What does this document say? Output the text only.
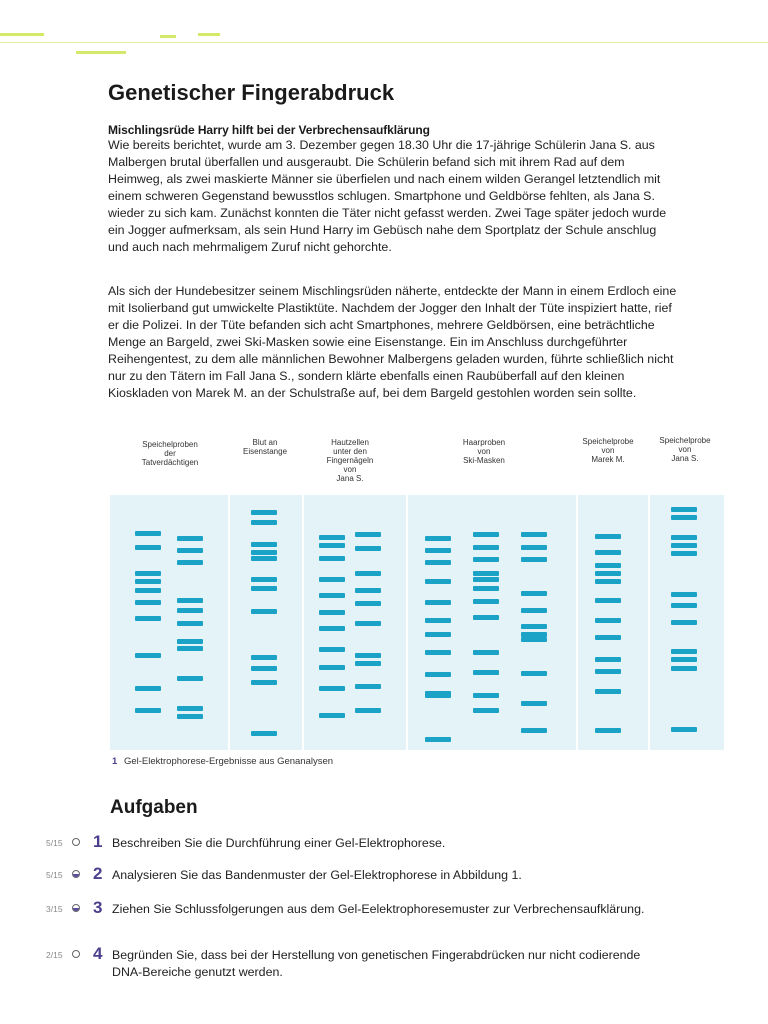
Genetischer Fingerabdruck
Mischlingsrüde Harry hilft bei der Verbrechensaufklärung

Wie bereits berichtet, wurde am 3. Dezember gegen 18.30 Uhr die 17-jährige Schülerin Jana S. aus Malbergen brutal überfallen und ausgeraubt. Die Schülerin befand sich mit ihrem Rad auf dem Heimweg, als zwei maskierte Männer sie überfielen und nach einem wilden Gerangel letztendlich mit einem schweren Gegenstand bewusstlos schlugen. Smartphone und Geldbörse fehlten, als Jana S. wieder zu sich kam. Zunächst konnten die Täter nicht gefasst werden. Zwei Tage später jedoch wurde ein Jogger aufmerksam, als sein Hund Harry im Gebüsch nahe dem Sportplatz der Schule anschlug und auch nach mehrmaligem Zuruf nicht gehorchte.

Als sich der Hundebesitzer seinem Mischlingsrüden näherte, entdeckte der Mann in einem Erdloch eine mit Isolierband gut umwickelte Plastiktüte. Nachdem der Jogger den Inhalt der Tüte inspiziert hatte, rief er die Polizei. In der Tüte befanden sich acht Smartphones, mehrere Geldbörsen, eine beträchtliche Menge an Bargeld, zwei Ski-Masken sowie eine Eisenstange. Ein im Anschluss durchgeführter Reihengentest, zu dem alle männlichen Bewohner Malbergens geladen wurden, führte schließlich nicht nur zu den Tätern im Fall Jana S., sondern klärte ebenfalls einen Raubüberfall auf den kleinen Kioskladen von Marek M. an der Schulstraße auf, bei dem Bargeld gestohlen worden sein sollte.

Speichelproben
der
Tatverdächtigen
Blut an
Eisenstange
Hautzellen
unter den
Fingernägeln
von
Jana S.
Haarproben
von
Ski-Masken
Speichelprobe
von
Marek M.
Speichelprobe
von
Jana S.
1 Gel-Elektrophorese-Ergebnisse aus Genanalysen
Aufgaben
5/15 1 Beschreiben Sie die Durchführung einer Gel-Elektrophorese.
5/15 2 Analysieren Sie das Bandenmuster der Gel-Elektrophorese in Abbildung 1.
3/15 3 Ziehen Sie Schlussfolgerungen aus dem Gel-Eelektrophoresemuster zur Verbrechensaufklärung.
2/15 4 Begründen Sie, dass bei der Herstellung von genetischen Fingerabdrücken nur nicht codierende DNA-Bereiche genutzt werden.
